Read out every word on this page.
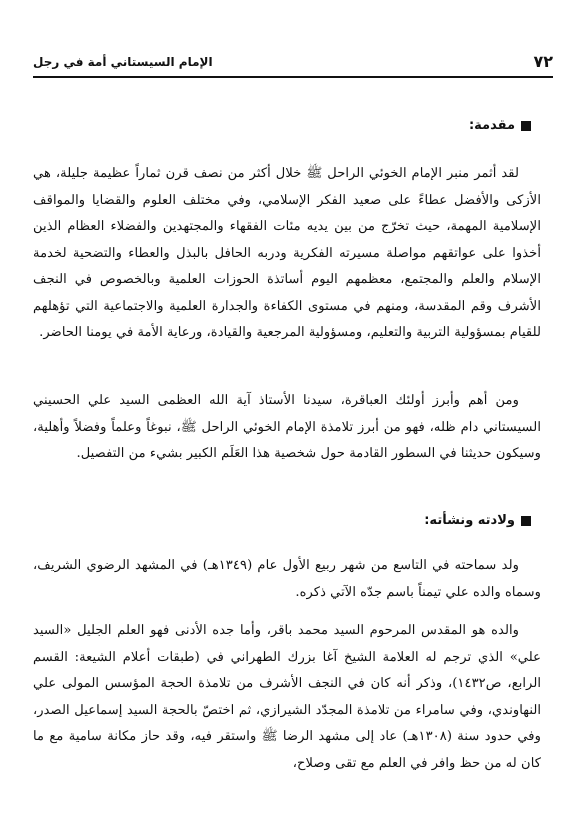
٧٢
الإمام السيستاني أمة في رجل
مقدمة:

لقد أثمر منبر الإمام الخوئي الراحل ﷺ خلال أكثر من نصف قرن ثماراً عظيمة جليلة، هي الأزكى والأفضل عطاءً على صعيد الفكر الإسلامي، وفي مختلف العلوم والقضايا والمواقف الإسلامية المهمة، حيث تخرّج من بين يديه مئات الفقهاء والمجتهدين والفضلاء العظام الذين أخذوا على عواتقهم مواصلة مسيرته الفكرية ودربه الحافل بالبذل والعطاء والتضحية لخدمة الإسلام والعلم والمجتمع، معظمهم اليوم أساتذة الحوزات العلمية وبالخصوص في النجف الأشرف وقم المقدسة، ومنهم في مستوى الكفاءة والجدارة العلمية والاجتماعية التي تؤهلهم للقيام بمسؤولية التربية والتعليم، ومسؤولية المرجعية والقيادة، ورعاية الأمة في يومنا الحاضر.

ومن أهم وأبرز أولئك العباقرة، سيدنا الأستاذ آية الله العظمى السيد علي الحسيني السيستاني دام ظله، فهو من أبرز تلامذة الإمام الخوئي الراحل ﷺ، نبوغاً وعلماً وفضلاً وأهلية، وسيكون حديثنا في السطور القادمة حول شخصية هذا العَلَم الكبير بشيء من التفصيل.

ولادته ونشأته:

ولد سماحته في التاسع من شهر ربيع الأول عام (١٣٤٩هـ) في المشهد الرضوي الشريف، وسماه والده علي تيمناً باسم جدّه الآتي ذكره.

والده هو المقدس المرحوم السيد محمد باقر، وأما جده الأدنى فهو العلم الجليل «السيد علي» الذي ترجم له العلامة الشيخ آغا بزرك الطهراني في (طبقات أعلام الشيعة: القسم الرابع، ص١٤٣٢)، وذكر أنه كان في النجف الأشرف من تلامذة الحجة المؤسس المولى علي النهاوندي، وفي سامراء من تلامذة المجدّد الشيرازي، ثم اختصّ بالحجة السيد إسماعيل الصدر، وفي حدود سنة (١٣٠٨هـ) عاد إلى مشهد الرضا ﷺ واستقر فيه، وقد حاز مكانة سامية مع ما كان له من حظ وافر في العلم مع تقى وصلاح،
